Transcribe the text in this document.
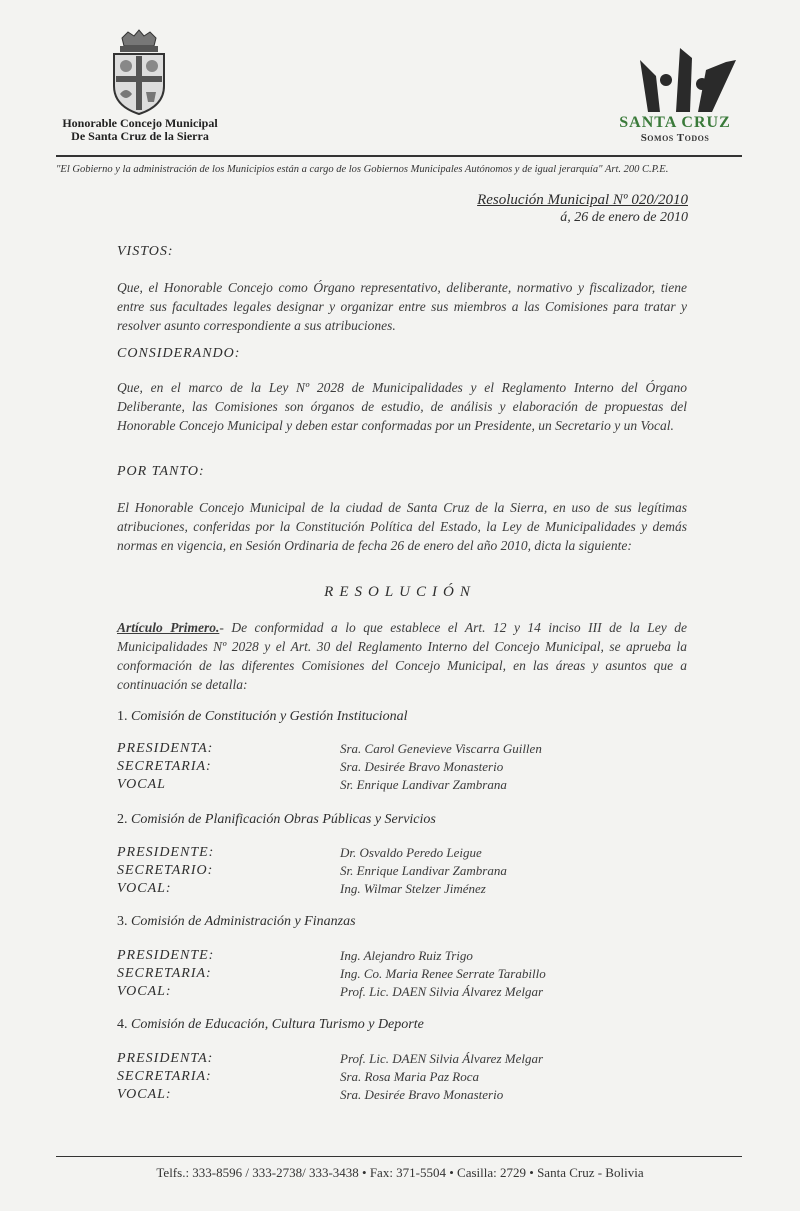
Honorable Concejo Municipal
De Santa Cruz de la Sierra
SANTA CRUZ
Somos Todos
"El Gobierno y la administración de los Municipios están a cargo de los Gobiernos Municipales Autónomos y de igual jerarquía" Art. 200 C.P.E.
Resolución Municipal Nº 020/2010
á, 26 de enero de 2010
VISTOS:
Que, el Honorable Concejo como Órgano representativo, deliberante, normativo y fiscalizador, tiene entre sus facultades legales designar y organizar entre sus miembros a las Comisiones para tratar y resolver asunto correspondiente a sus atribuciones.
CONSIDERANDO:
Que, en el marco de la Ley Nº 2028 de Municipalidades y el Reglamento Interno del Órgano Deliberante, las Comisiones son órganos de estudio, de análisis y elaboración de propuestas del Honorable Concejo Municipal y deben estar conformadas por un Presidente, un Secretario y un Vocal.
POR TANTO:
El Honorable Concejo Municipal de la ciudad de Santa Cruz de la Sierra, en uso de sus legítimas atribuciones, conferidas por la Constitución Política del Estado, la Ley de Municipalidades y demás normas en vigencia, en Sesión Ordinaria de fecha 26 de enero del año 2010, dicta la siguiente:
RESOLUCIÓN
Artículo Primero.- De conformidad a lo que establece el Art. 12 y 14 inciso III de la Ley de Municipalidades Nº 2028 y el Art. 30 del Reglamento Interno del Concejo Municipal, se aprueba la conformación de las diferentes Comisiones del Concejo Municipal, en las áreas y asuntos que a continuación se detalla:
1. Comisión de Constitución y Gestión Institucional
PRESIDENTA:	Sra. Carol Genevieve Viscarra Guillen
SECRETARIA:	Sra. Desirée Bravo Monasterio
VOCAL	Sr. Enrique Landivar Zambrana
2. Comisión de Planificación Obras Públicas y Servicios
PRESIDENTE:	Dr. Osvaldo Peredo Leigue
SECRETARIO:	Sr. Enrique Landivar Zambrana
VOCAL:	Ing. Wilmar Stelzer Jiménez
3. Comisión de Administración y Finanzas
PRESIDENTE:	Ing. Alejandro Ruiz Trigo
SECRETARIA:	Ing. Co. Maria Renee Serrate Tarabillo
VOCAL:	Prof. Lic. DAEN Silvia Álvarez Melgar
4. Comisión de Educación, Cultura Turismo y Deporte
PRESIDENTA:	Prof. Lic. DAEN Silvia Álvarez Melgar
SECRETARIA:	Sra. Rosa Maria Paz Roca
VOCAL:	Sra. Desirée Bravo Monasterio
Telfs.: 333-8596 / 333-2738/ 333-3438 • Fax: 371-5504 • Casilla: 2729 • Santa Cruz - Bolivia
